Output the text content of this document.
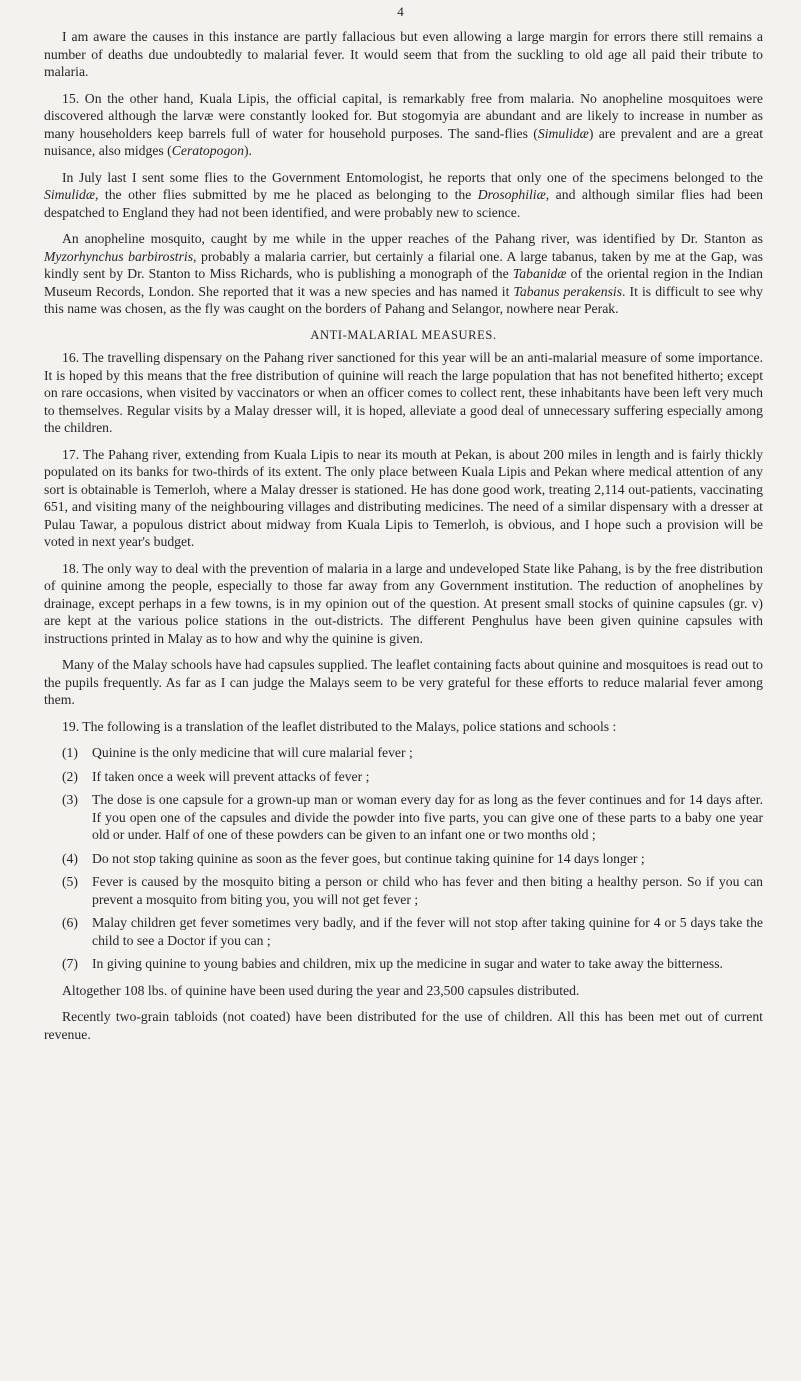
4

I am aware the causes in this instance are partly fallacious but even allowing a large margin for errors there still remains a number of deaths due undoubtedly to malarial fever. It would seem that from the suckling to old age all paid their tribute to malaria.

15. On the other hand, Kuala Lipis, the official capital, is remarkably free from malaria. No anopheline mosquitoes were discovered although the larvæ were constantly looked for. But stogomyia are abundant and are likely to increase in number as many householders keep barrels full of water for household purposes. The sand-flies (Simulidæ) are prevalent and are a great nuisance, also midges (Ceratopogon).

In July last I sent some flies to the Government Entomologist, he reports that only one of the specimens belonged to the Simulidæ, the other flies submitted by me he placed as belonging to the Drosophiliæ, and although similar flies had been despatched to England they had not been identified, and were probably new to science.

An anopheline mosquito, caught by me while in the upper reaches of the Pahang river, was identified by Dr. Stanton as Myzorhynchus barbirostris, probably a malaria carrier, but certainly a filarial one. A large tabanus, taken by me at the Gap, was kindly sent by Dr. Stanton to Miss Richards, who is publishing a monograph of the Tabanidæ of the oriental region in the Indian Museum Records, London. She reported that it was a new species and has named it Tabanus perakensis. It is difficult to see why this name was chosen, as the fly was caught on the borders of Pahang and Selangor, nowhere near Perak.

ANTI-MALARIAL MEASURES.

16. The travelling dispensary on the Pahang river sanctioned for this year will be an anti-malarial measure of some importance. It is hoped by this means that the free distribution of quinine will reach the large population that has not benefited hitherto; except on rare occasions, when visited by vaccinators or when an officer comes to collect rent, these inhabitants have been left very much to themselves. Regular visits by a Malay dresser will, it is hoped, alleviate a good deal of unnecessary suffering especially among the children.

17. The Pahang river, extending from Kuala Lipis to near its mouth at Pekan, is about 200 miles in length and is fairly thickly populated on its banks for two-thirds of its extent. The only place between Kuala Lipis and Pekan where medical attention of any sort is obtainable is Temerloh, where a Malay dresser is stationed. He has done good work, treating 2,114 out-patients, vaccinating 651, and visiting many of the neighbouring villages and distributing medicines. The need of a similar dispensary with a dresser at Pulau Tawar, a populous district about midway from Kuala Lipis to Temerloh, is obvious, and I hope such a provision will be voted in next year's budget.

18. The only way to deal with the prevention of malaria in a large and undeveloped State like Pahang, is by the free distribution of quinine among the people, especially to those far away from any Government institution. The reduction of anophelines by drainage, except perhaps in a few towns, is in my opinion out of the question. At present small stocks of quinine capsules (gr. v) are kept at the various police stations in the out-districts. The different Penghulus have been given quinine capsules with instructions printed in Malay as to how and why the quinine is given.

Many of the Malay schools have had capsules supplied. The leaflet containing facts about quinine and mosquitoes is read out to the pupils frequently. As far as I can judge the Malays seem to be very grateful for these efforts to reduce malarial fever among them.

19. The following is a translation of the leaflet distributed to the Malays, police stations and schools :

(1)	Quinine is the only medicine that will cure malarial fever ;
(2)	If taken once a week will prevent attacks of fever ;
(3)	The dose is one capsule for a grown-up man or woman every day for as long as the fever continues and for 14 days after. If you open one of the capsules and divide the powder into five parts, you can give one of these parts to a baby one year old or under. Half of one of these powders can be given to an infant one or two months old ;
(4)	Do not stop taking quinine as soon as the fever goes, but continue taking quinine for 14 days longer ;
(5)	Fever is caused by the mosquito biting a person or child who has fever and then biting a healthy person. So if you can prevent a mosquito from biting you, you will not get fever ;
(6)	Malay children get fever sometimes very badly, and if the fever will not stop after taking quinine for 4 or 5 days take the child to see a Doctor if you can ;
(7)	In giving quinine to young babies and children, mix up the medicine in sugar and water to take away the bitterness.

Altogether 108 lbs. of quinine have been used during the year and 23,500 capsules distributed.

Recently two-grain tabloids (not coated) have been distributed for the use of children. All this has been met out of current revenue.
